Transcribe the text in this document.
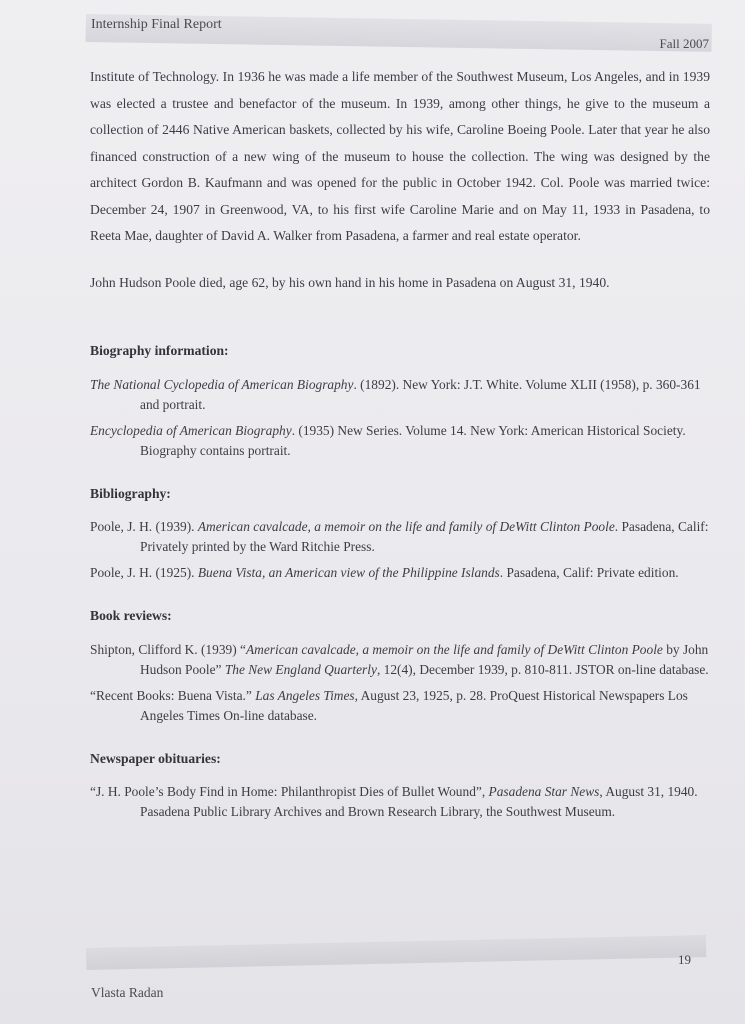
Internship Final Report
Fall 2007

Institute of Technology. In 1936 he was made a life member of the Southwest Museum, Los Angeles, and in 1939 was elected a trustee and benefactor of the museum. In 1939, among other things, he give to the museum a collection of 2446 Native American baskets, collected by his wife, Caroline Boeing Poole. Later that year he also financed construction of a new wing of the museum to house the collection. The wing was designed by the architect Gordon B. Kaufmann and was opened for the public in October 1942. Col. Poole was married twice: December 24, 1907 in Greenwood, VA, to his first wife Caroline Marie and on May 11, 1933 in Pasadena, to Reeta Mae, daughter of David A. Walker from Pasadena, a farmer and real estate operator.

John Hudson Poole died, age 62, by his own hand in his home in Pasadena on August 31, 1940.

Biography information:

The National Cyclopedia of American Biography. (1892). New York: J.T. White. Volume XLII (1958), p. 360-361 and portrait.

Encyclopedia of American Biography. (1935) New Series. Volume 14. New York: American Historical Society. Biography contains portrait.

Bibliography:

Poole, J. H. (1939). American cavalcade, a memoir on the life and family of DeWitt Clinton Poole. Pasadena, Calif: Privately printed by the Ward Ritchie Press.

Poole, J. H. (1925). Buena Vista, an American view of the Philippine Islands. Pasadena, Calif: Private edition.

Book reviews:

Shipton, Clifford K. (1939) “American cavalcade, a memoir on the life and family of DeWitt Clinton Poole by John Hudson Poole” The New England Quarterly, 12(4), December 1939, p. 810-811. JSTOR on-line database.

“Recent Books: Buena Vista.” Las Angeles Times, August 23, 1925, p. 28. ProQuest Historical Newspapers Los Angeles Times On-line database.

Newspaper obituaries:

“J. H. Poole’s Body Find in Home: Philanthropist Dies of Bullet Wound”, Pasadena Star News, August 31, 1940. Pasadena Public Library Archives and Brown Research Library, the Southwest Museum.

19
Vlasta Radan
